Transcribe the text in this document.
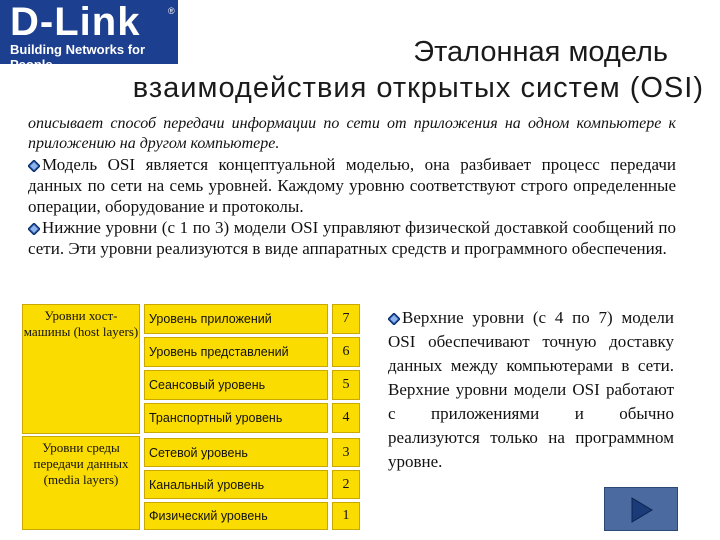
D-Link	®
Building Networks for People	Эталонная модель
взаимодействия открытых систем (OSI)
описывает способ передачи информации по сети от приложения на одном компьютере к приложению на другом компьютере.

Модель OSI является концептуальной моделью, она разбивает процесс передачи данных по сети на семь уровней. Каждому уровню соответствуют строго определенные операции, оборудование и протоколы.

Нижние уровни (с 1 по 3) модели OSI управляют физической доставкой сообщений по сети. Эти уровни реализуются в виде аппаратных средств и программного обеспечения.

Уровни хост-машины (host layers)
Уровни среды передачи данных (media layers)
Уровень приложений	7
Уровень представлений	6
Сеансовый уровень	5
Транспортный уровень	4
Сетевой уровень	3
Канальный уровень	2
Физический уровень	1
Верхние уровни (с 4 по 7) модели OSI обеспечивают точную доставку данных между компьютерами в сети. Верхние уровни модели OSI работают с приложениями и обычно реализуются только на программном уровне.
